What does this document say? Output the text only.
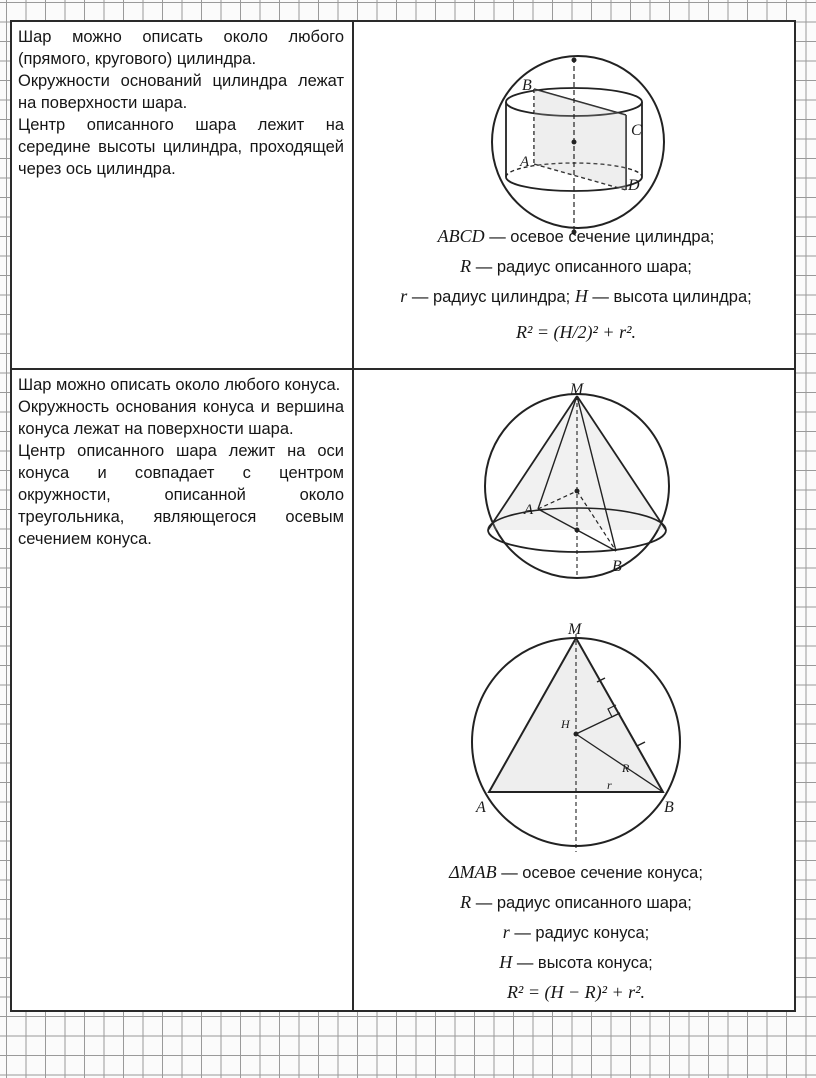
Шар можно описать около любого (прямого, кругового) цилиндра.

Окружности оснований цилиндра лежат на поверхности шара.

Центр описанного шара лежит на середине высоты цилиндра, проходящей через ось цилиндра.

B
C
A
D
ABCD — осевое сечение цилиндра;
R — радиус описанного шара;
r — радиус цилиндра; H — высота цилиндра;
R² = (H/2)² + r².

Шар можно описать около любого конуса.

Окружность основания конуса и вершина конуса лежат на поверхности шара.

Центр описанного шара лежит на оси конуса и совпадает с центром окружности, описанной около треугольника, являющегося осевым сечением конуса.

M
A
B
M
A	B
H
R
r
ΔMAB — осевое сечение конуса;
R — радиус описанного шара;
r — радиус конуса;
H — высота конуса;
R² = (H − R)² + r².
